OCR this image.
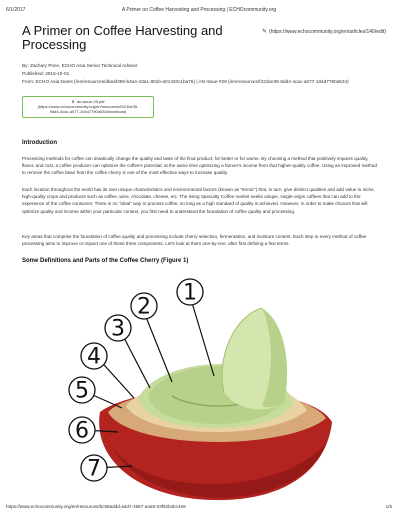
6/1/2017	A Primer on Coffee Harvesting and Processing | ECHOcommunity.org
A Primer on Coffee Harvesting and Processing
✎ (https://www.echocommunity.org/en/articles/140/edit)
By: Zachary Price, ECHO Asia Senior Technical Advisor
Published: 2016-10-01
From: ECHO Asia Notes (/en/resources/dbeaf359-b4a4-43a1-801b-a01320c1ba76) | AN Issue #29 (/en/resources/f421be35-9dd4-4cac-a077-104d7790a534)
⬇ an-issue-29.pdf
(https://www.echocommunity.org/en/resources/f421be35-
9dd4-4cac-a077-104d7790a534/download)
Introduction

Processing methods for coffee can drastically change the quality and taste of the final product; for better or for worse. By choosing a method that positively impacts quality, flavor, and cost, a coffee producer can optimize the coffee's potential; at the same time optimizing a farmer's income from that higher-quality coffee. Using an improved method to remove the coffee bean from the coffee cherry is one of the most effective ways to increase quality.

Each location throughout the world has its own unique characteristics and environmental factors (known as "terroir") that, in turn, give distinct qualities and add value to niche, high-quality crops and products such as coffee, wine, chocolate, cheese, etc. The rising Specialty Coffee market seeks unique, single-origin coffees that can add to the experience of the coffee consumer. There is no "ideal" way to process coffee, so long as a high standard of quality is achieved. However, in order to make choices that will optimize quality and income within your particular context, you first need to understand the foundation of coffee quality and processing.

Key areas that comprise the foundation of coffee quality and processing include cherry selection, fermentation, and moisture content. Each step in every method of coffee processing aims to improve or impact one of these three components. Let's look at them one-by-one, after first defining a few terms.

Some Definitions and Parts of the Coffee Cherry (Figure 1)
1
2
3
4
5
6
7
https://www.echocommunity.org/en/resources/bc58addd-a4d7-4657-a4a8-03f62b4bc4e9	1/5
